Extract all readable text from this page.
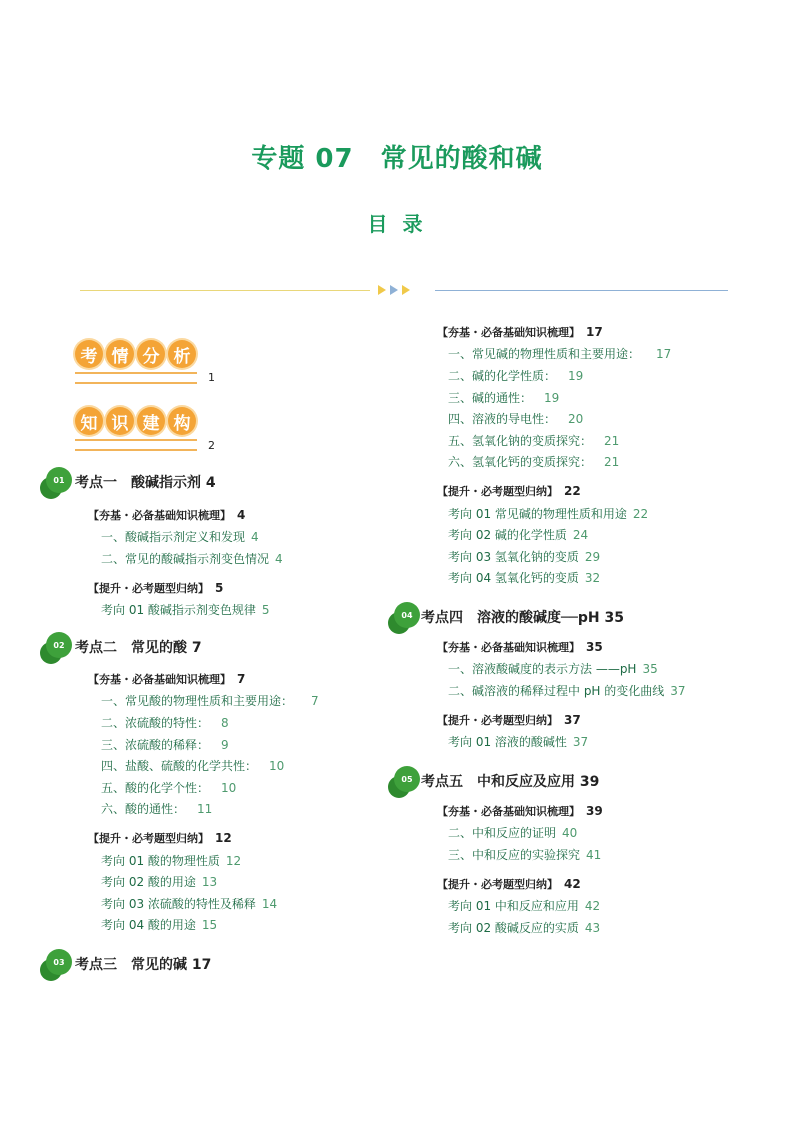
专题 07　常见的酸和碱
目 录
考 情 分 析
1
知 识 建 构
2
01 考点一　酸碱指示剂 4
【夯基・必备基础知识梳理】 4
一、酸碱指示剂定义和发现 4
二、常见的酸碱指示剂变色情况 4
【提升・必考题型归纳】 5
考向 01 酸碱指示剂变色规律 5
02 考点二　常见的酸 7
【夯基・必备基础知识梳理】 7
一、常见酸的物理性质和主要用途： 7
二、浓硫酸的特性： 8
三、浓硫酸的稀释： 9
四、盐酸、硫酸的化学共性： 10
五、酸的化学个性： 10
六、酸的通性： 11
【提升・必考题型归纳】 12
考向 01 酸的物理性质 12
考向 02 酸的用途 13
考向 03 浓硫酸的特性及稀释 14
考向 04 酸的用途 15
03 考点三　常见的碱 17
【夯基・必备基础知识梳理】 17
一、常见碱的物理性质和主要用途： 17
二、碱的化学性质： 19
三、碱的通性： 19
四、溶液的导电性： 20
五、氢氧化钠的变质探究： 21
六、氢氧化钙的变质探究： 21
【提升・必考题型归纳】 22
考向 01 常见碱的物理性质和用途 22
考向 02 碱的化学性质 24
考向 03 氢氧化钠的变质 29
考向 04 氢氧化钙的变质 32
04 考点四　溶液的酸碱度──pH 35
【夯基・必备基础知识梳理】 35
一、溶液酸碱度的表示方法 ——pH 35
二、碱溶液的稀释过程中 pH 的变化曲线 37
【提升・必考题型归纳】 37
考向 01 溶液的酸碱性 37
05 考点五　中和反应及应用 39
【夯基・必备基础知识梳理】 39
二、中和反应的证明 40
三、中和反应的实验探究 41
【提升・必考题型归纳】 42
考向 01 中和反应和应用 42
考向 02 酸碱反应的实质 43
